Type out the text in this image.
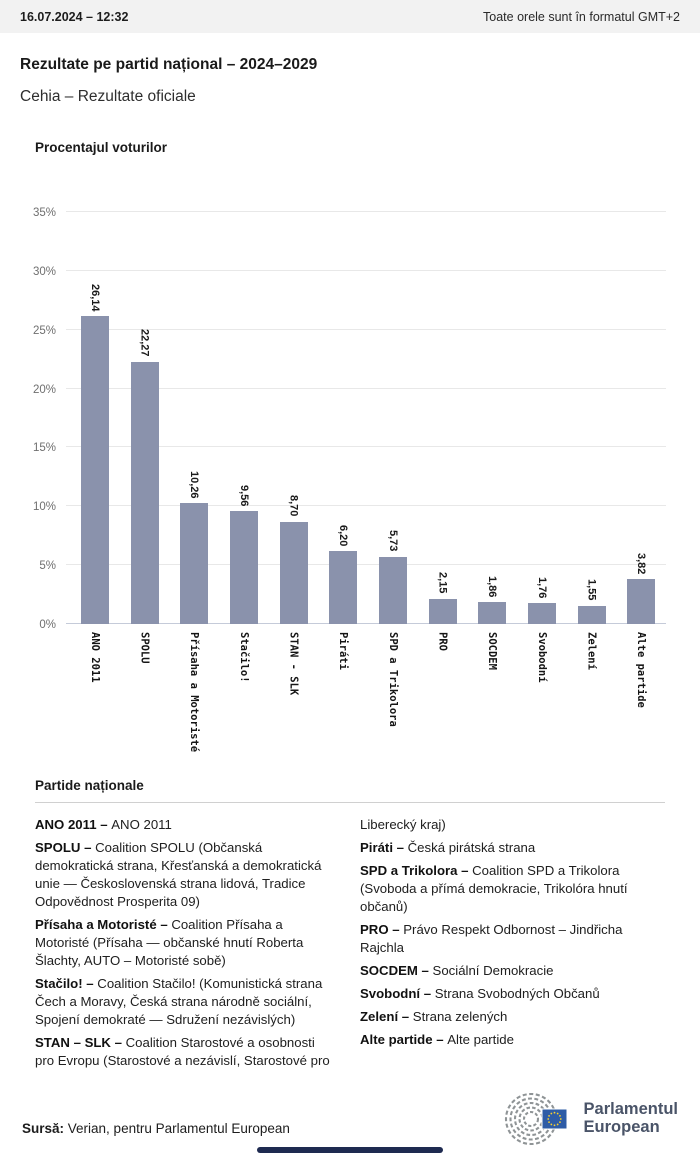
16.07.2024 – 12:32	Toate orele sunt în formatul GMT+2
Rezultate pe partid național – 2024–2029
Cehia – Rezultate oficiale
Procentajul voturilor
35%
30%
25%
20%
15%
10%
5%
0%
26,14
22,27
10,26	9,56	8,70
6,20	5,73
2,15	1,86	1,76	1,55
3,82
ANO 2011	SPOLU	Přísaha a Motoristé	Stačilo!	STAN - SLK	Piráti	SPD a Trikolora	PRO	SOCDEM	Svobodní	Zelení	Alte partide
Partide naționale

ANO 2011 – ANO 2011

SPOLU – Coalition SPOLU (Občanská demokratická strana, Křesťanská a demokratická unie — Československá strana lidová, Tradice Odpovědnost Prosperita 09)

Přísaha a Motoristé – Coalition Přísaha a Motoristé (Přísaha — občanské hnutí Roberta Šlachty, AUTO – Motoristé sobě)

Stačilo! – Coalition Stačilo! (Komunistická strana Čech a Moravy, Česká strana národně sociální, Spojení demokraté — Sdružení nezávislých)

STAN – SLK – Coalition Starostové a osobnosti pro Evropu (Starostové a nezávislí, Starostové pro

Liberecký kraj)

Piráti – Česká pirátská strana

SPD a Trikolora – Coalition SPD a Trikolora (Svoboda a přímá demokracie, Trikolóra hnutí občanů)

PRO – Právo Respekt Odbornost – Jindřicha Rajchla

SOCDEM – Sociální Demokracie

Svobodní – Strana Svobodných Občanů

Zelení – Strana zelených

Alte partide – Alte partide

Sursă: Verian, pentru Parlamentul European
Parlamentul
European
